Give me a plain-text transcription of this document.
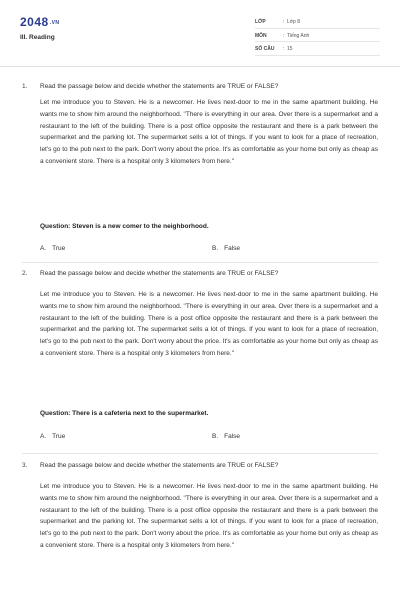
2048.VN
III. Reading
LỚP	: Lớp 8
MÔN	: Tiếng Anh
SỐ CÂU	: 15
1. Read the passage below and decide whether the statements are TRUE or FALSE?

Let me introduce you to Steven. He is a newcomer. He lives next-door to me in the same apartment building. He wants me to show him around the neighborhood. "There is everything in our area. Over there is a supermarket and a restaurant to the left of the building. There is a post office opposite the restaurant and there is a park between the supermarket and the parking lot. The supermarket sells a lot of things. If you want to look for a place of recreation, let's go to the pub next to the park. Don't worry about the price. It's as comfortable as your home but only as cheap as a convenient store. There is a hospital only 3 kilometers from here."

Question: Steven is a new comer to the neighborhood.
A. True	B. False
2. Read the passage below and decide whether the statements are TRUE or FALSE?

Let me introduce you to Steven. He is a newcomer. He lives next-door to me in the same apartment building. He wants me to show him around the neighborhood. "There is everything in our area. Over there is a supermarket and a restaurant to the left of the building. There is a post office opposite the restaurant and there is a park between the supermarket and the parking lot. The supermarket sells a lot of things. If you want to look for a place of recreation, let's go to the pub next to the park. Don't worry about the price. It's as comfortable as your home but only as cheap as a convenient store. There is a hospital only 3 kilometers from here."

Question: There is a cafeteria next to the supermarket.
A. True	B. False
3. Read the passage below and decide whether the statements are TRUE or FALSE?

Let me introduce you to Steven. He is a newcomer. He lives next-door to me in the same apartment building. He wants me to show him around the neighborhood. "There is everything in our area. Over there is a supermarket and a restaurant to the left of the building. There is a post office opposite the restaurant and there is a park between the supermarket and the parking lot. The supermarket sells a lot of things. If you want to look for a place of recreation, let's go to the pub next to the park. Don't worry about the price. It's as comfortable as your home but only as cheap as a convenient store. There is a hospital only 3 kilometers from here."
